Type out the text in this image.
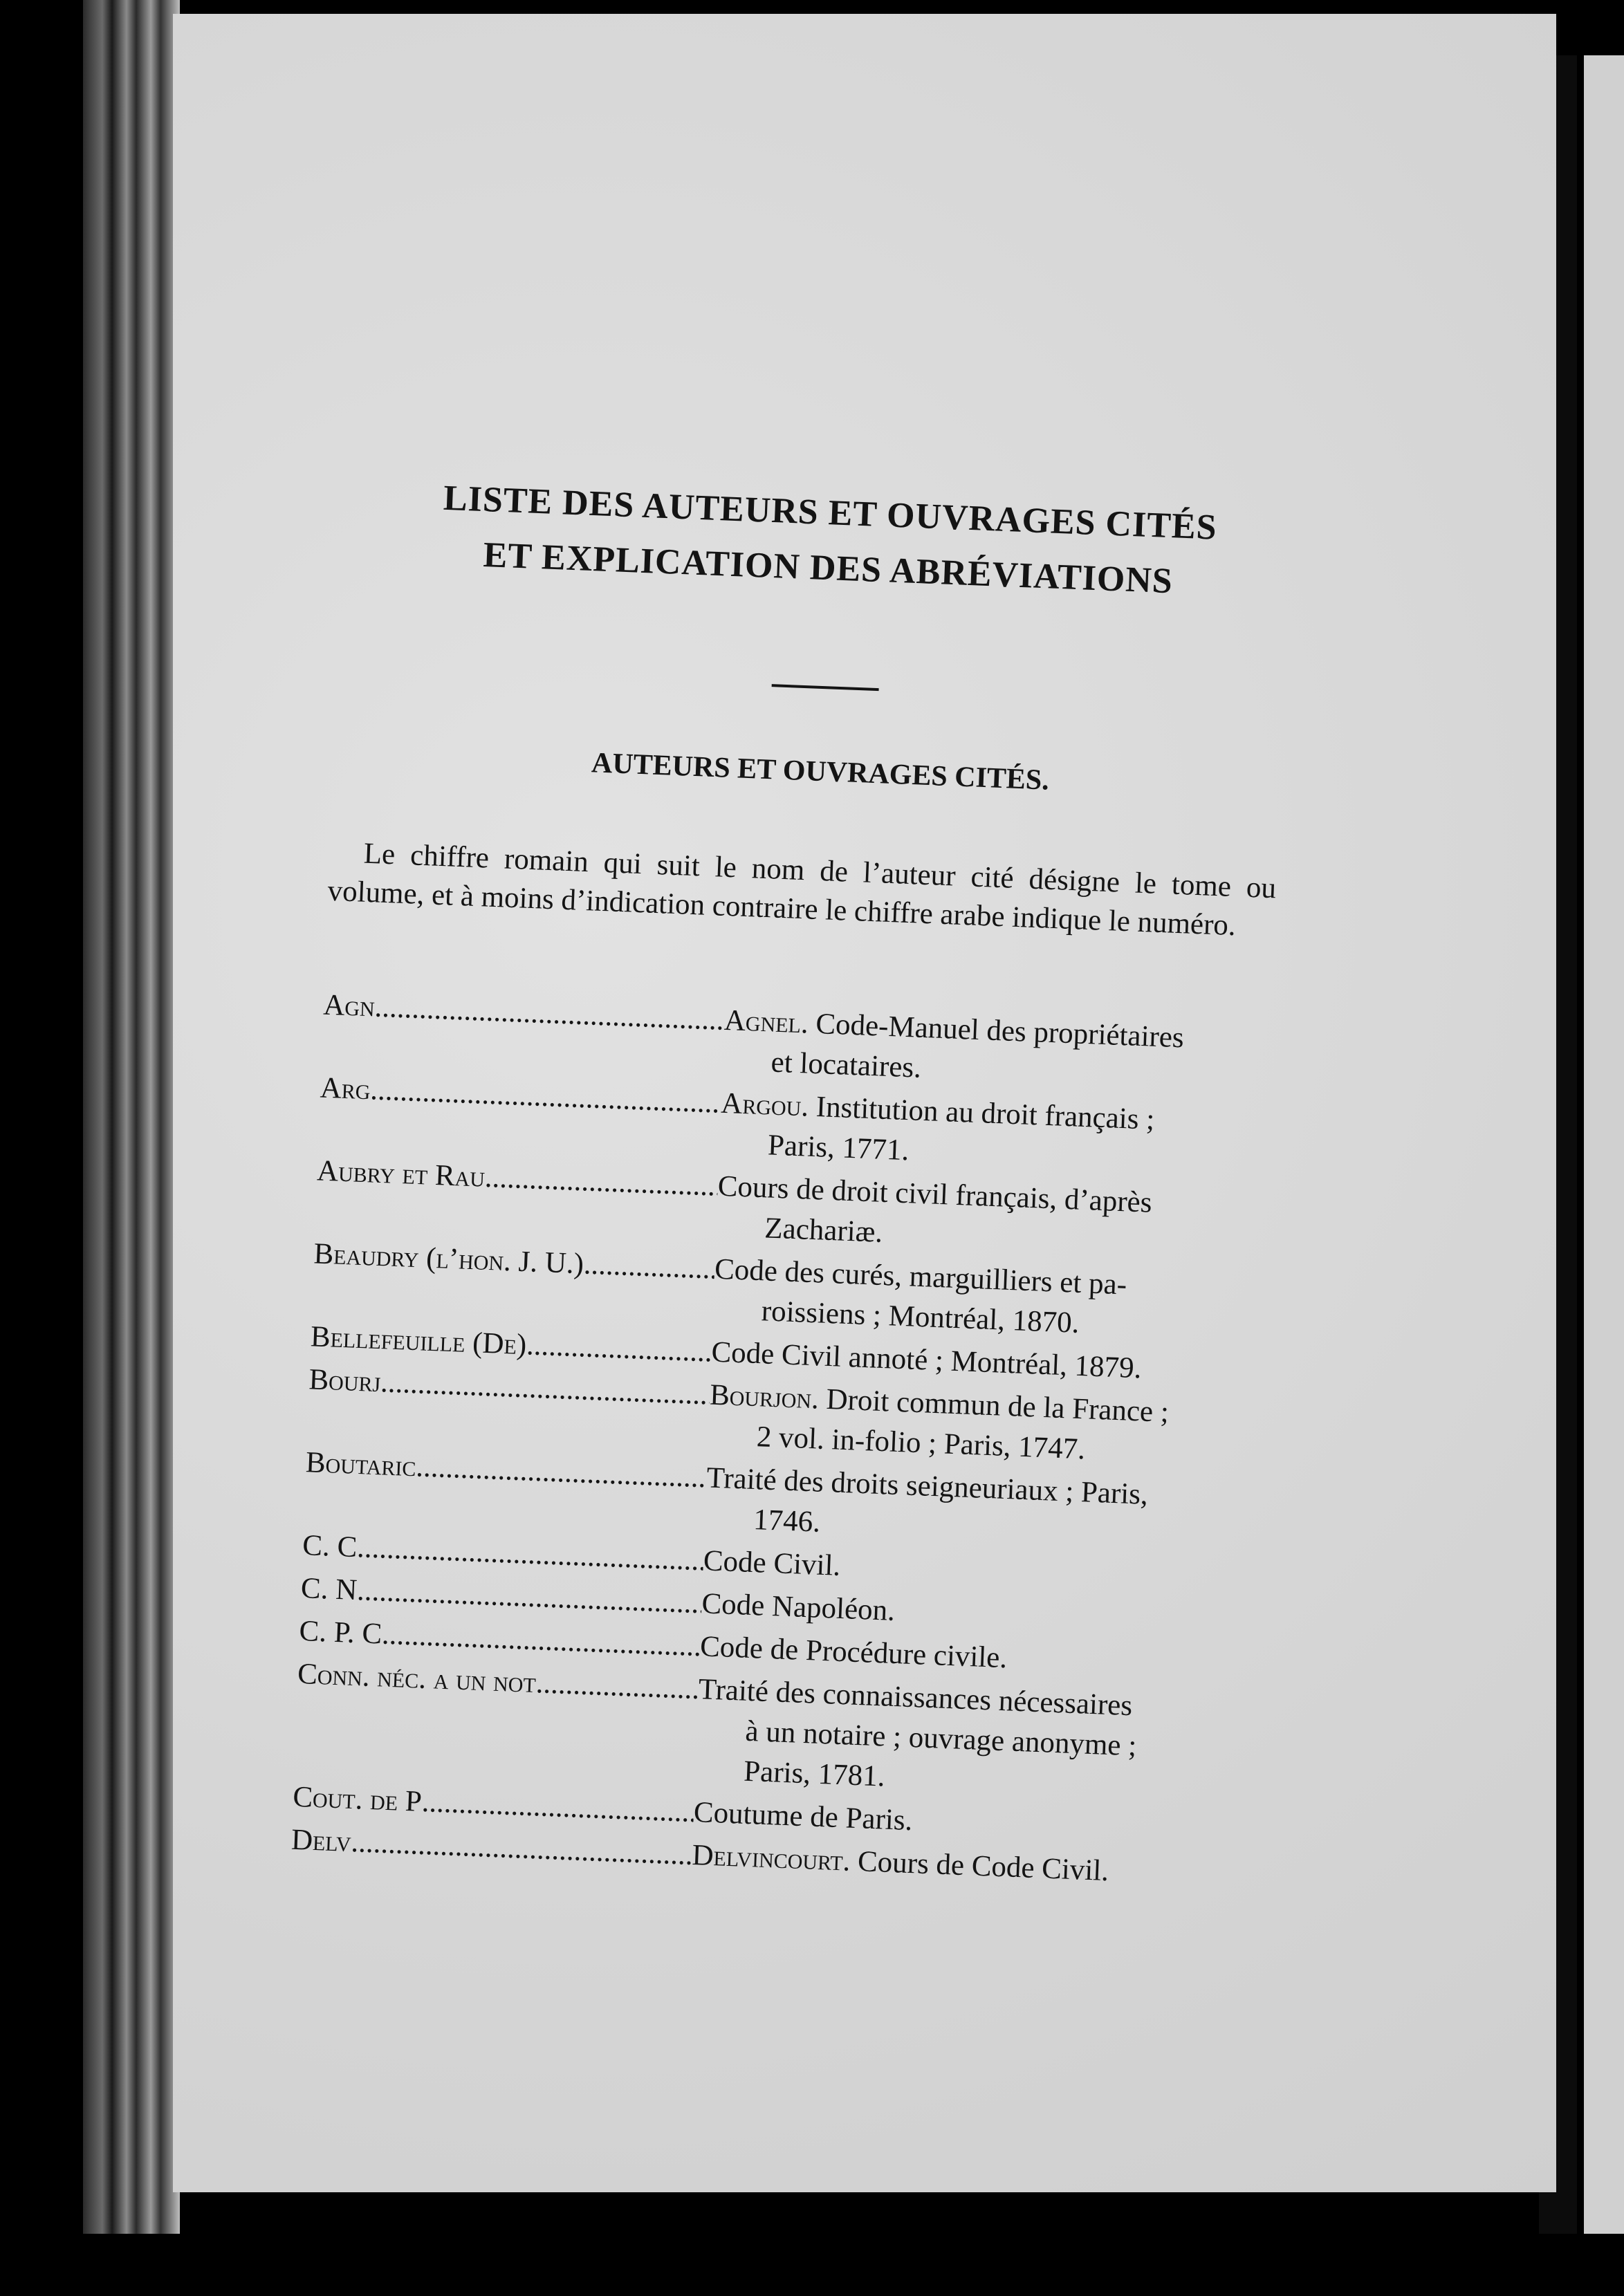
LISTE DES AUTEURS ET OUVRAGES CITÉS
ET EXPLICATION DES ABRÉVIATIONS
AUTEURS ET OUVRAGES CITÉS.
Le chiffre romain qui suit le nom de l’auteur cité désigne le tome ou volume, et à moins d’indication contraire le chiffre arabe indique le numéro.
Agn. .....	Agnel. Code-Manuel des propriétaires
et locataires.
Arg .....	Argou. Institution au droit français ;
Paris, 1771.
Aubry et Rau .....	Cours de droit civil français, d’après
Zachariæ.
Beaudry (l’hon. J. U.) .....	Code des curés, marguilliers et pa-
roissiens ; Montréal, 1870.
Bellefeuille (De) .....	Code Civil annoté ; Montréal, 1879.
Bourj .....	Bourjon. Droit commun de la France ;
2 vol. in-folio ; Paris, 1747.
Boutaric .....	Traité des droits seigneuriaux ; Paris,
1746.
C. C .....	Code Civil.
C. N .....	Code Napoléon.
C. P. C .....	Code de Procédure civile.
Conn. néc. a un not .....	Traité des connaissances nécessaires
à un notaire ; ouvrage anonyme ;
Paris, 1781.
Cout. de P .....	Coutume de Paris.
Delv .....	Delvincourt. Cours de Code Civil.
